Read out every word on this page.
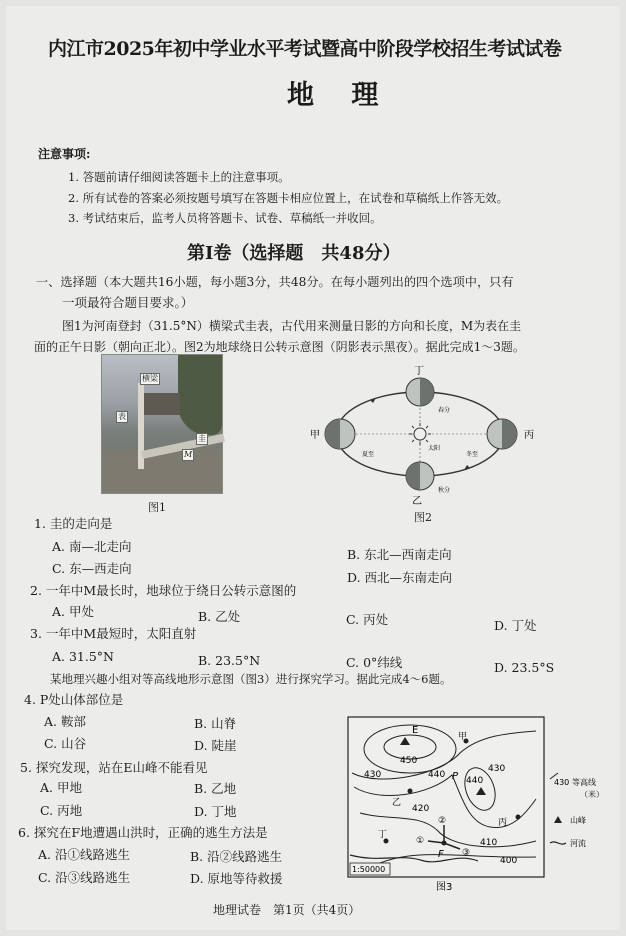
内江市2025年初中学业水平考试暨高中阶段学校招生考试试卷
地 理
注意事项:
1. 答题前请仔细阅读答题卡上的注意事项。
2. 所有试卷的答案必须按题号填写在答题卡相应位置上，在试卷和草稿纸上作答无效。
3. 考试结束后，监考人员将答题卡、试卷、草稿纸一并收回。
第Ⅰ卷（选择题　共48分）
一、选择题（本大题共16小题，每小题3分，共48分。在每小题列出的四个选项中，只有
一项最符合题目要求。）
图1为河南登封（31.5°N）横梁式圭表，古代用来测量日影的方向和长度，M为表在圭
面的正午日影（朝向正北）。图2为地球绕日公转示意图（阴影表示黑夜）。据此完成1～3题。
横梁
表
圭
M
图1
丁
甲	丙
乙
春分
夏至
秋分
冬至
太阳
图2
1. 圭的走向是
A. 南—北走向
B. 东北—西南走向
C. 东—西走向
D. 西北—东南走向
2. 一年中M最长时，地球位于绕日公转示意图的
A. 甲处	B. 乙处	C. 丙处	D. 丁处
3. 一年中M最短时，太阳直射
A. 31.5°N	B. 23.5°N	C. 0°纬线	D. 23.5°S
某地理兴趣小组对等高线地形示意图（图3）进行探究学习。据此完成4～6题。
4. P处山体部位是
A. 鞍部	B. 山脊
C. 山谷	D. 陡崖
5. 探究发现，站在E山峰不能看见
A. 甲地	B. 乙地
C. 丙地	D. 丁地
6. 探究在F地遭遇山洪时，正确的逃生方法是
A. 沿①线路逃生	B. 沿②线路逃生
C. 沿③线路逃生	D. 原地等待救援
E
450
440
430
420
410
400
440
430
P
甲
乙
丙
丁
F
①
②
③
1:50000
430 等高线
（米）
山峰
河流
图3
地理试卷　第1页（共4页）
